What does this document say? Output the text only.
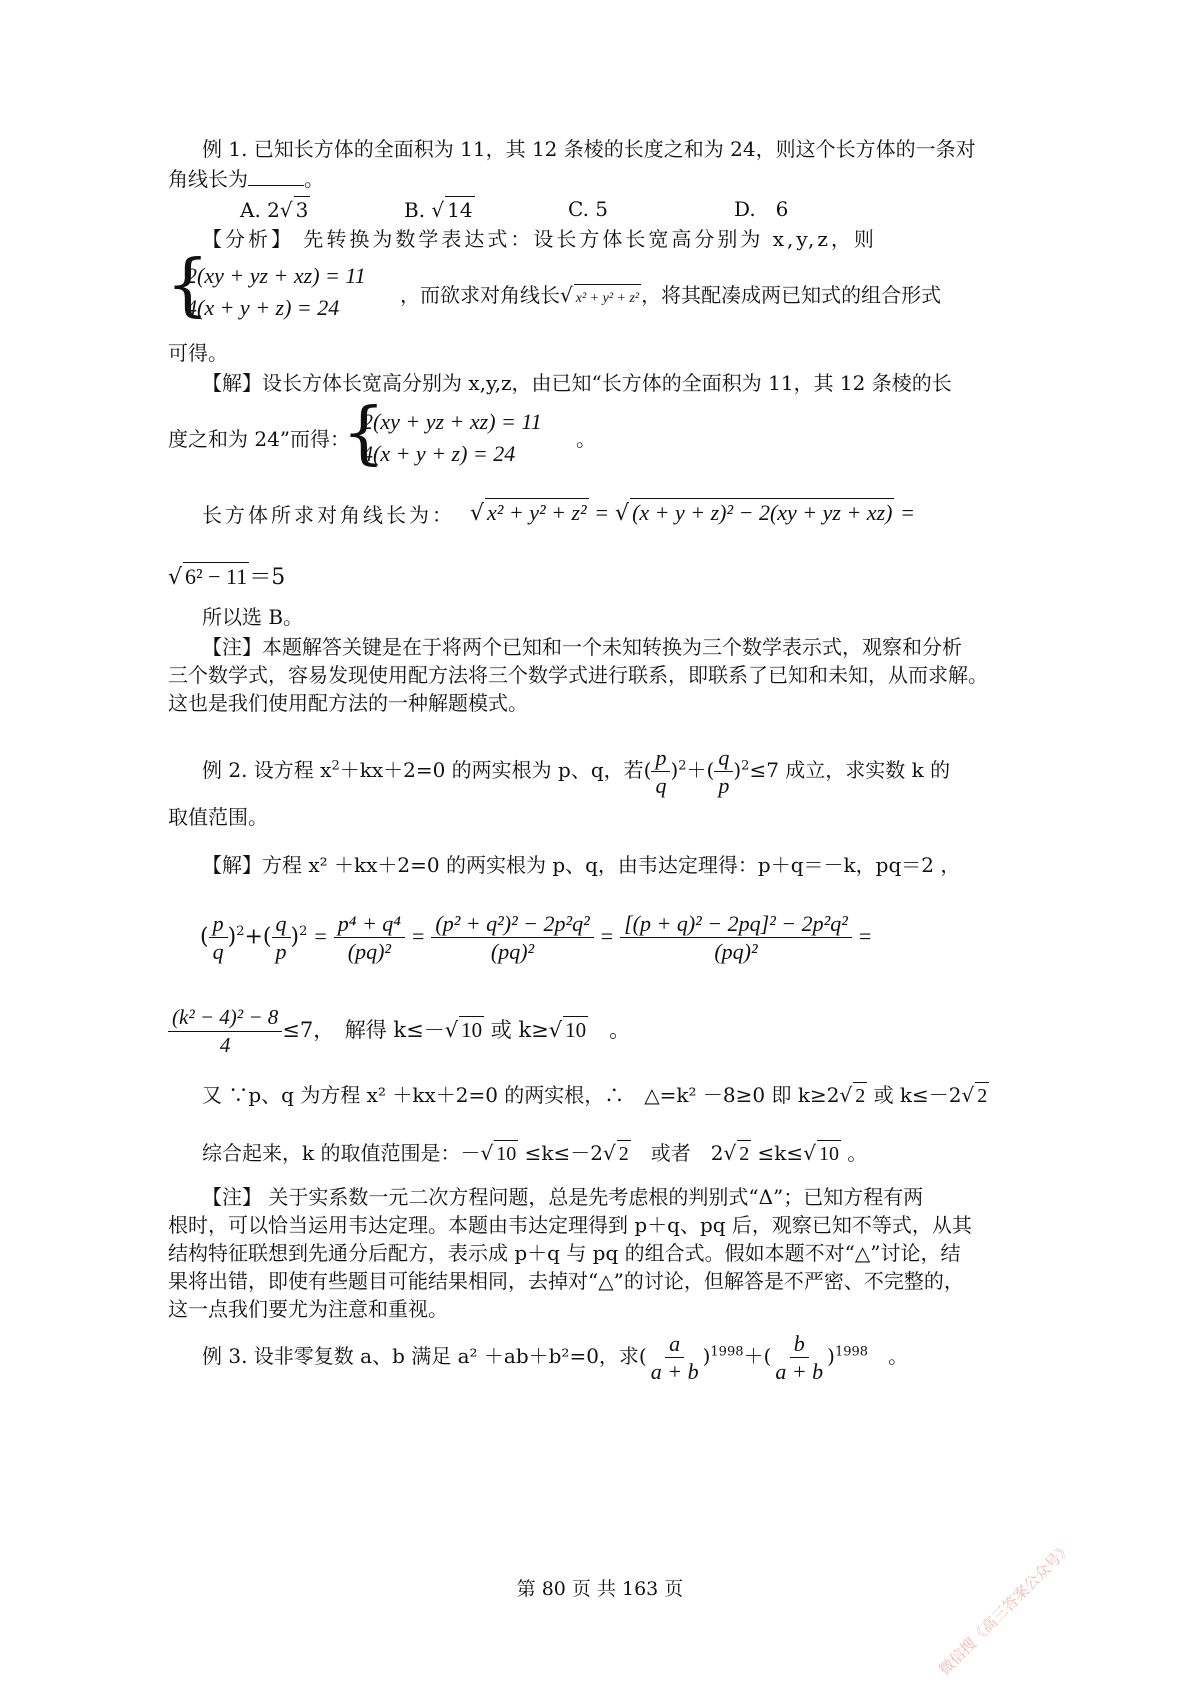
例 1. 已知长方体的全面积为 11，其 12 条棱的长度之和为 24，则这个长方体的一条对
角线长为	。
A. 2√ 3	B. √ 14	C. 5	D.　6
【分析】 先转换为数学表达式：设长方体长宽高分别为 x,y,z，则
{
2(xy + yz + xz) = 11
4(x + y + z) = 24	，而欲求对角线长√ x² + y² + z² ，将其配凑成两已知式的组合形式
可得。
【解】设长方体长宽高分别为 x,y,z，由已知“长方体的全面积为 11，其 12 条棱的长
度之和为 24”而得：
{
2(xy + yz + xz) = 11
4(x + y + z) = 24
。
长方体所求对角线长为： √ x² + y² + z² = √ (x + y + z)² − 2(xy + yz + xz) =
√ 6² − 11＝5
所以选 B。
【注】本题解答关键是在于将两个已知和一个未知转换为三个数学表示式，观察和分析
三个数学式，容易发现使用配方法将三个数学式进行联系，即联系了已知和未知，从而求解。
这也是我们使用配方法的一种解题模式。
例 2. 设方程 $x^2+kx+2=0$ 的两实根为 p、q，若( $\frac{p}{q} )^2+( \frac{q}{p} )^2\le 7$ 成立，求实数 k 的
取值范围。
【解】方程 x² ＋kx＋2=0 的两实根为 p、q，由韦达定理得：p＋q＝－k，pq＝2 ，
( $\frac{p}{q} )^2+( \frac{q}{p} )^2 = \frac{\text{p⁴ + q⁴}}{\text{(pq)²}} = \frac{\text{(p² + q²)² − 2p²q²}}{\text{(pq)²}} = \frac{\text{[(p + q)² − 2pq]² − 2p²q²}}{\text{(pq)²}}$ =
$\frac{\text{(k² − 4)² − 8}}{4} \le 7$，　解得 k≤－√ 10 或 k≥√ 10　 。
又 ∵p、q 为方程 x² ＋kx＋2=0 的两实根，∴　△=k² －8≥0 即 k≥2√ 2 或 k≤－2√ 2
综合起来，k 的取值范围是：－√ 10 ≤k≤－2√ 2　 或者　2√ 2 ≤k≤√ 10 。
【注】 关于实系数一元二次方程问题，总是先考虑根的判别式“Δ”；已知方程有两
根时，可以恰当运用韦达定理。本题由韦达定理得到 p＋q、pq 后，观察已知不等式，从其
结构特征联想到先通分后配方，表示成 p＋q 与 pq 的组合式。假如本题不对“△”讨论，结
果将出错，即使有些题目可能结果相同，去掉对“△”的讨论，但解答是不严密、不完整的，
这一点我们要尤为注意和重视。
例 3. 设非零复数 a、b 满足 a² ＋ab＋b²=0，求( $\frac{a}{a + b} )^{1998}+( \frac{b}{a + b} )^{1998}$　 。
第 80 页 共 163 页	微信搜《高三答案公众号》
